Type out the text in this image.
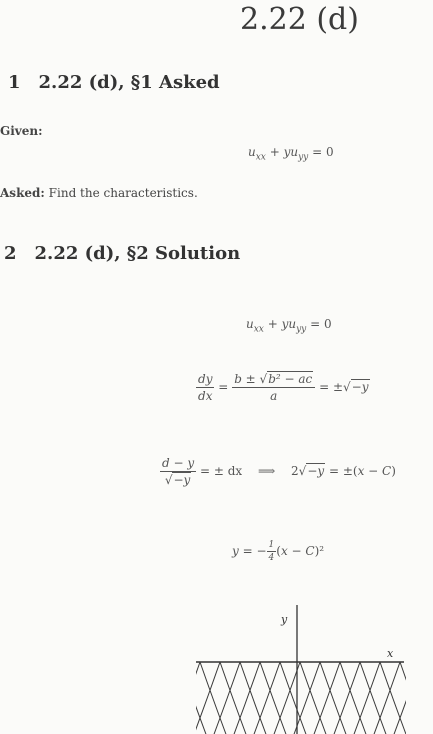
2.22 (d)
1 2.22 (d), §1 Asked
Given:
$u_{xx} + yu_{yy} = 0$
Asked: Find the characteristics.
2 2.22 (d), §2 Solution
$u_{xx} + yu_{yy} = 0$
$\frac{dy}{dx} = \frac{\text{b ± √b² − ac}}{a} = \pm√-y$
$\frac{d - y}{√-y}$ = ± dx ⟹ 2√−y = ±(x − C)
y = − $\frac{1}{4} (x - C)^2$
y
x
